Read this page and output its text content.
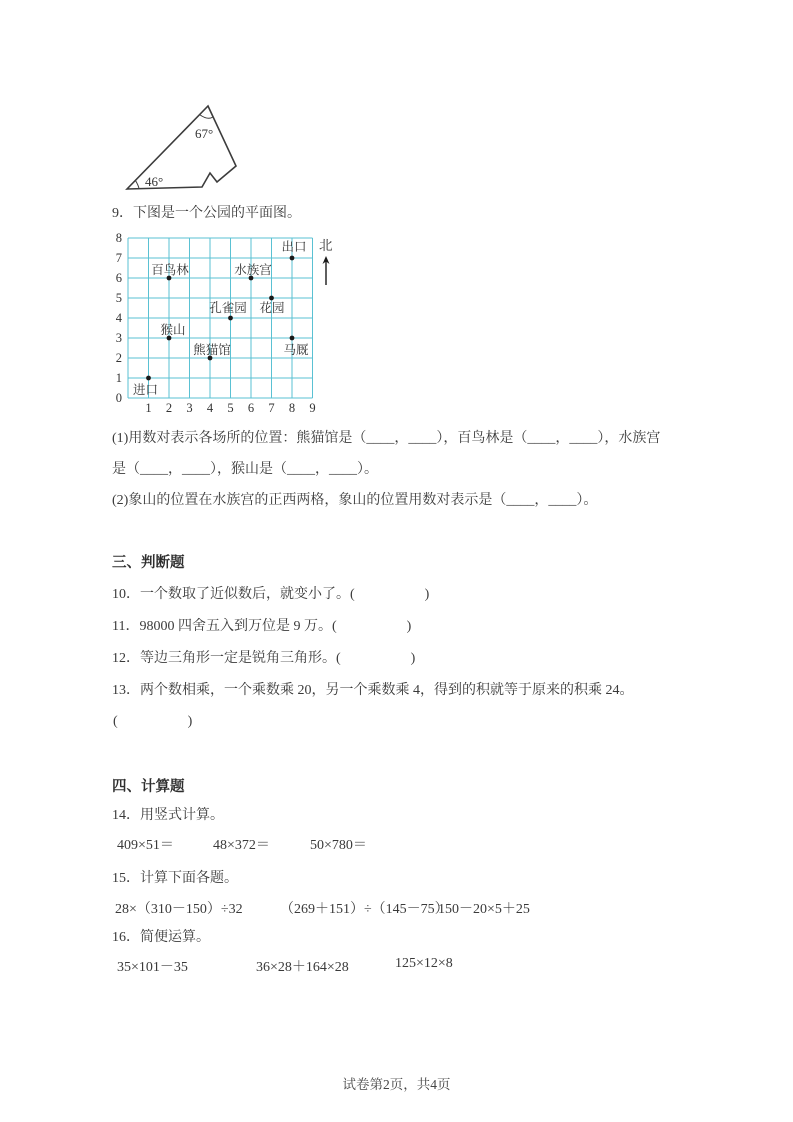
67°
46°
9．下图是一个公园的平面图。
0
1
2
3
4
5
6
7
8
1 2 3 4 5 6 7 8 9
进口
百鸟林
猴山
熊猫馆
孔雀园
水族宫
花园
出口
马厩
北
(1)用数对表示各场所的位置：熊猫馆是（____，____），百鸟林是（____，____），水族宫
是（____，____），猴山是（____，____）。
(2)象山的位置在水族宫的正西两格，象山的位置用数对表示是（____，____）。
三、判断题
10．一个数取了近似数后，就变小了。(　　　　　)
11．98000 四舍五入到万位是 9 万。(　　　　　)
12．等边三角形一定是锐角三角形。(　　　　　)
13．两个数相乘，一个乘数乘 20，另一个乘数乘 4，得到的积就等于原来的积乘 24。
(　　　　　)
四、计算题
14．用竖式计算。
409×51＝	48×372＝	50×780＝
15．计算下面各题。
28×（310－150）÷32	（269＋151）÷（145－75）
150－20×5＋25
16．简便运算。
35×101－35	36×28＋164×28	125×12×8
试卷第2页，共4页
